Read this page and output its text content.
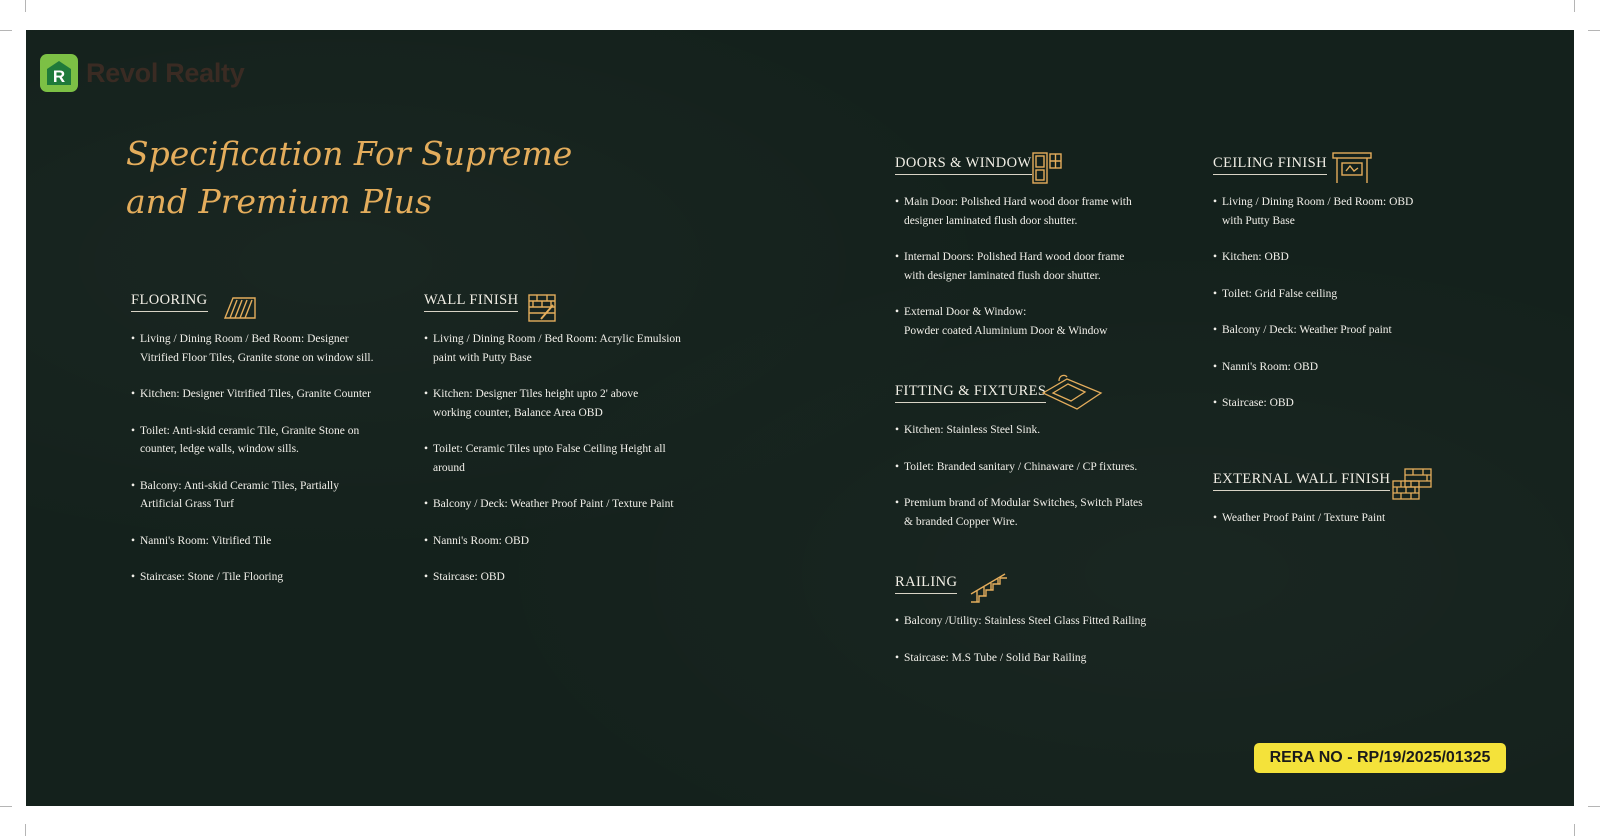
R Revol Realty
Specification For Supreme
and Premium Plus
FLOORING
• Living / Dining Room / Bed Room: Designer
Vitrified Floor Tiles, Granite stone on window sill.
• Kitchen: Designer Vitrified Tiles, Granite Counter
• Toilet: Anti-skid ceramic Tile, Granite Stone on
counter, ledge walls, window sills.
• Balcony: Anti-skid Ceramic Tiles, Partially
Artificial Grass Turf
• Nanni's Room: Vitrified Tile
• Staircase: Stone / Tile Flooring
WALL FINISH
• Living / Dining Room / Bed Room: Acrylic Emulsion
paint with Putty Base
• Kitchen: Designer Tiles height upto 2' above
working counter, Balance Area OBD
• Toilet: Ceramic Tiles upto False Ceiling Height all
around
• Balcony / Deck: Weather Proof Paint / Texture Paint
• Nanni's Room: OBD
• Staircase: OBD
DOORS & WINDOW
• Main Door: Polished Hard wood door frame with
designer laminated flush door shutter.
• Internal Doors: Polished Hard wood door frame
with designer laminated flush door shutter.
• External Door & Window:
Powder coated Aluminium Door & Window
FITTING & FIXTURES
• Kitchen: Stainless Steel Sink.
• Toilet: Branded sanitary / Chinaware / CP fixtures.
• Premium brand of Modular Switches, Switch Plates
& branded Copper Wire.
RAILING
• Balcony /Utility: Stainless Steel Glass Fitted Railing
• Staircase: M.S Tube / Solid Bar Railing
CEILING FINISH
• Living / Dining Room / Bed Room: OBD
with Putty Base
• Kitchen: OBD
• Toilet: Grid False ceiling
• Balcony / Deck: Weather Proof paint
• Nanni's Room: OBD
• Staircase: OBD
EXTERNAL WALL FINISH
• Weather Proof Paint / Texture Paint
RERA NO - RP/19/2025/01325
